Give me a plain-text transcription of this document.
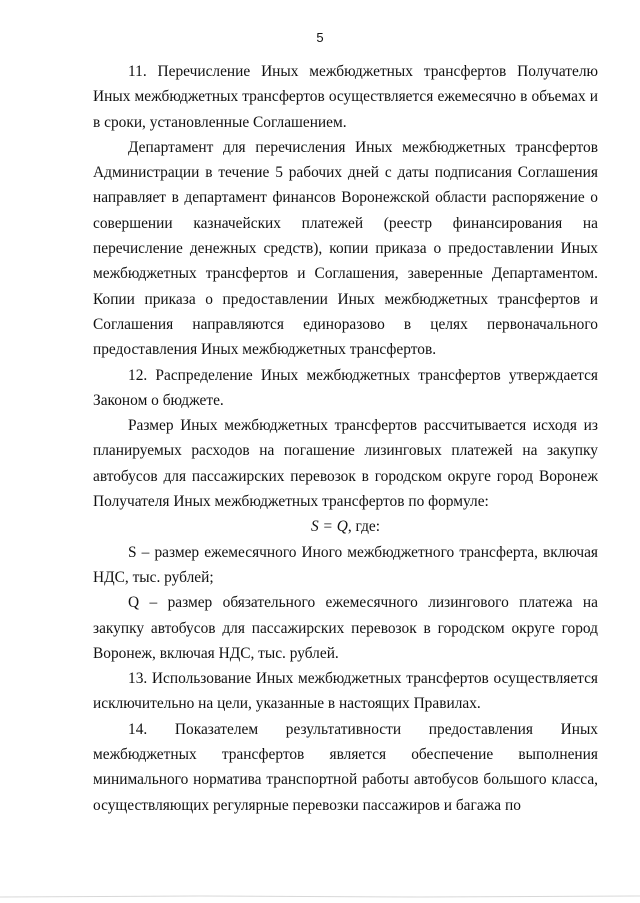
5

11. Перечисление Иных межбюджетных трансфертов Получателю Иных межбюджетных трансфертов осуществляется ежемесячно в объемах и в сроки, установленные Соглашением.

Департамент для перечисления Иных межбюджетных трансфертов Администрации в течение 5 рабочих дней с даты подписания Соглашения направляет в департамент финансов Воронежской области распоряжение о совершении казначейских платежей (реестр финансирования на перечисление денежных средств), копии приказа о предоставлении Иных межбюджетных трансфертов и Соглашения, заверенные Департаментом. Копии приказа о предоставлении Иных межбюджетных трансфертов и Соглашения направляются единоразово в целях первоначального предоставления Иных межбюджетных трансфертов.

12. Распределение Иных межбюджетных трансфертов утверждается Законом о бюджете.

Размер Иных межбюджетных трансфертов рассчитывается исходя из планируемых расходов на погашение лизинговых платежей на закупку автобусов для пассажирских перевозок в городском округе город Воронеж Получателя Иных межбюджетных трансфертов по формуле:

S = Q, где:

S – размер ежемесячного Иного межбюджетного трансферта, включая НДС, тыс. рублей;

Q – размер обязательного ежемесячного лизингового платежа на закупку автобусов для пассажирских перевозок в городском округе город Воронеж, включая НДС, тыс. рублей.

13. Использование Иных межбюджетных трансфертов осуществляется исключительно на цели, указанные в настоящих Правилах.

14. Показателем результативности предоставления Иных межбюджетных трансфертов является обеспечение выполнения минимального норматива транспортной работы автобусов большого класса, осуществляющих регулярные перевозки пассажиров и багажа по
